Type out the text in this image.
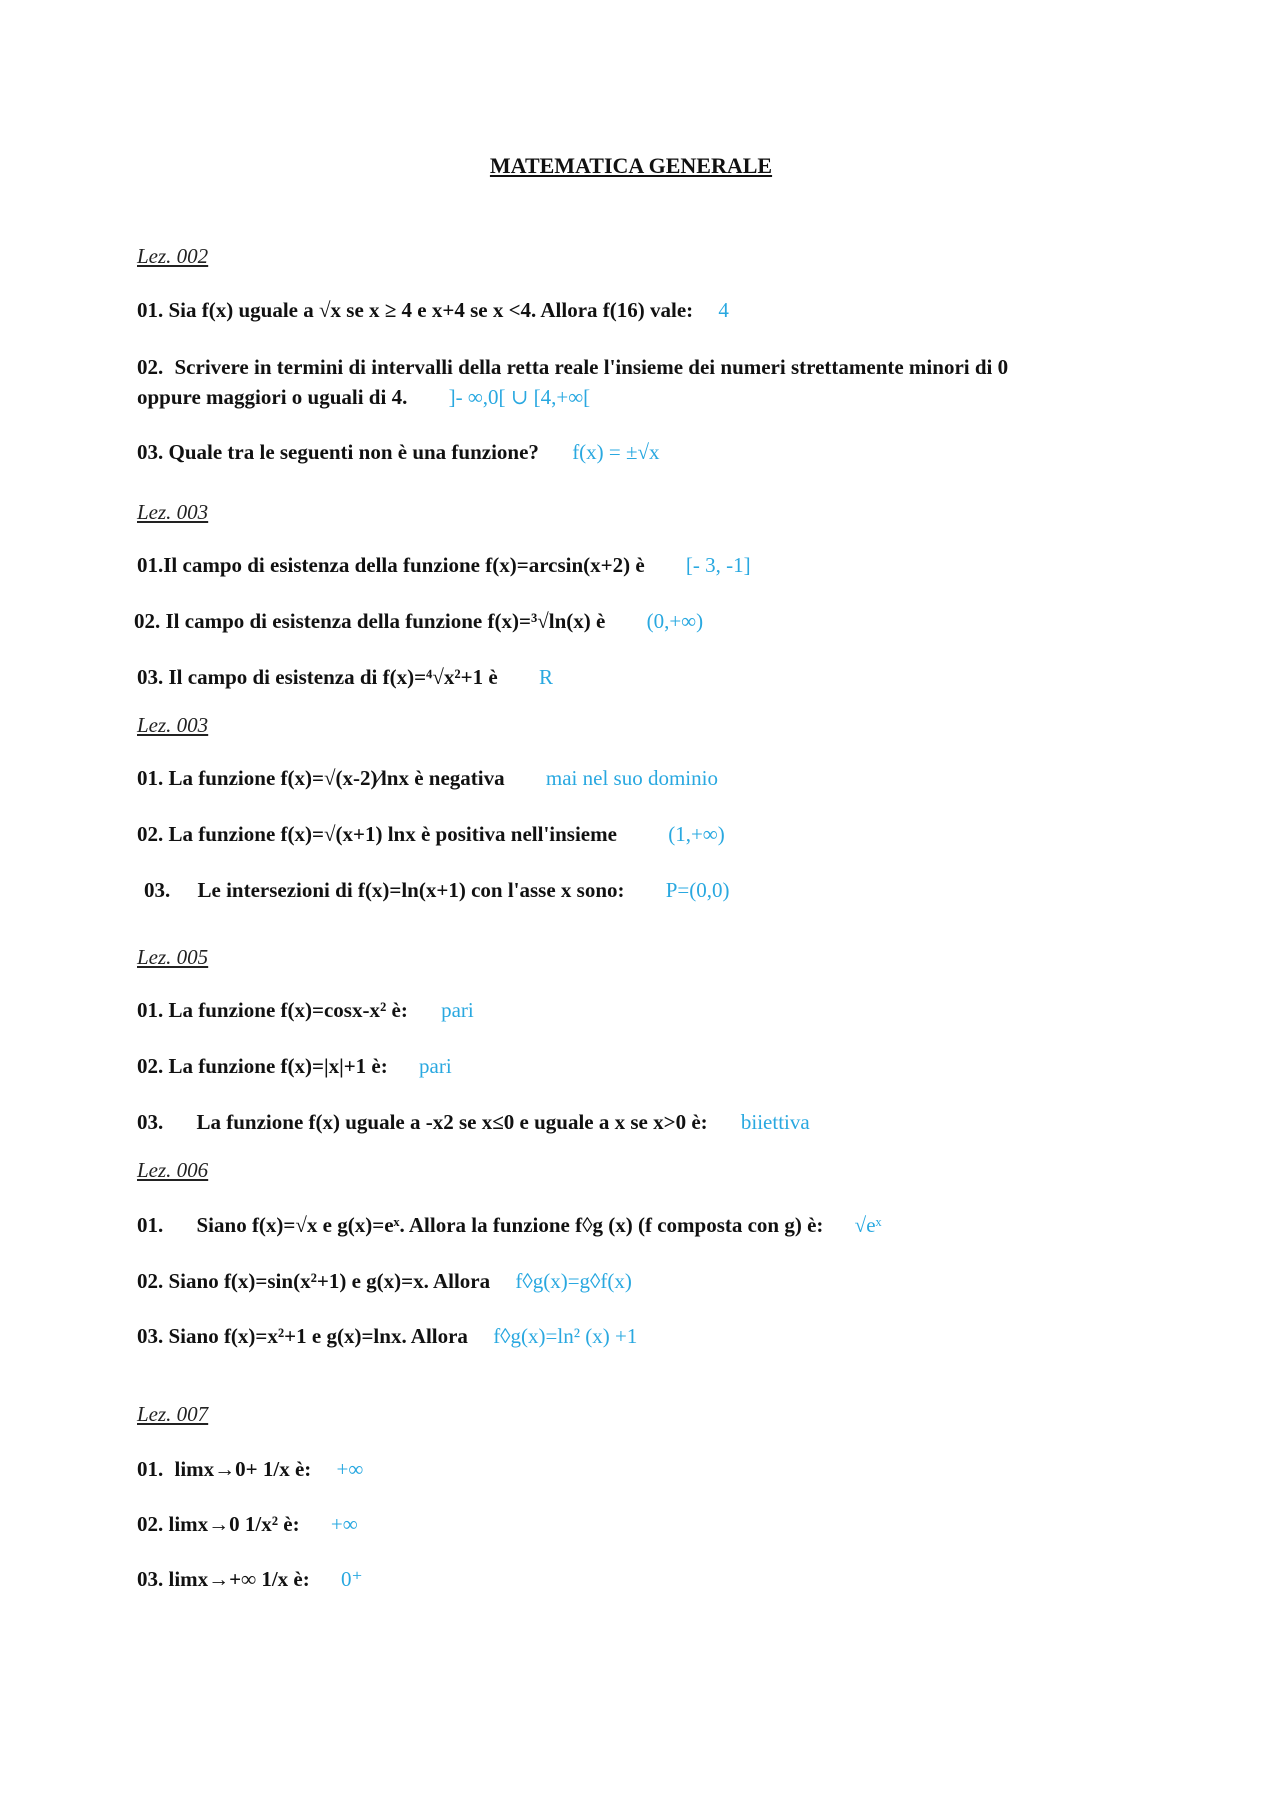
MATEMATICA GENERALE
Lez. 002
01. Sia f(x) uguale a √x se x ≥ 4 e x+4 se x <4. Allora f(16) vale: 4
02. Scrivere in termini di intervalli della retta reale l'insieme dei numeri strettamente minori di 0
oppure maggiori o uguali di 4. ]- ∞,0[ ∪ [4,+∞[
03. Quale tra le seguenti non è una funzione? f(x) = ±√x
Lez. 003
01.Il campo di esistenza della funzione f(x)=arcsin(x+2) è [- 3, -1]
02. Il campo di esistenza della funzione f(x)=³√ln(x) è (0,+∞)
03. Il campo di esistenza di f(x)=⁴√x²+1 è R
Lez. 003
01. La funzione f(x)=√(x-2)⁄lnx è negativa mai nel suo dominio
02. La funzione f(x)=√(x+1) lnx è positiva nell'insieme (1,+∞)
03. Le intersezioni di f(x)=ln(x+1) con l'asse x sono: P=(0,0)
Lez. 005
01. La funzione f(x)=cosx-x² è: pari
02. La funzione f(x)=|x|+1 è: pari
03. La funzione f(x) uguale a -x2 se x≤0 e uguale a x se x>0 è: biiettiva
Lez. 006
01. Siano f(x)=√x e g(x)=eˣ. Allora la funzione f◊g (x) (f composta con g) è: √eˣ
02. Siano f(x)=sin(x²+1) e g(x)=x. Allora f◊g(x)=g◊f(x)
03. Siano f(x)=x²+1 e g(x)=lnx. Allora f◊g(x)=ln² (x) +1
Lez. 007
01. limx→0+ 1/x è: +∞
02. limx→0 1/x² è: +∞
03. limx→+∞ 1/x è: 0⁺
